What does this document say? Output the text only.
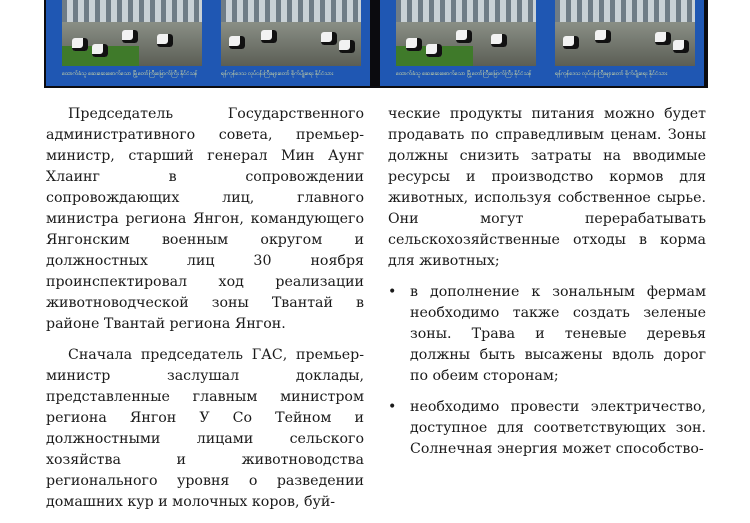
ထောက်ခံသူ ဆေးဆေးစောက်သော မြို့တော်ကြီးမြောက်ကြီး နိုင်ငံသန်	ရန်ကုန်ဒေသ လုပ်ငန်းကြီးများတော် စိုက်ပျိုးရေး နိုင်ငံသား	ထောက်ခံသူ ဆေးဆေးစောက်သော မြို့တော်ကြီးမြောက်ကြီး နိုင်ငံသန်	ရန်ကုန်ဒေသ လုပ်ငန်းကြီးများတော် စိုက်ပျိုးရေး နိုင်ငံသား

Председатель Государственного административного совета, премьер-министр, старший генерал Мин Аунг Хлаинг в сопровождении сопровождающих лиц, главного министра региона Янгон, командующего Янгонским военным округом и должностных лиц 30 ноября проинспектировал ход реализации животноводческой зоны Твантай в районе Твантай региона Янгон.

Сначала председатель ГАС, премьер-министр заслушал доклады, представленные главным министром региона Янгон У Со Тейном и должностными лицами сельского хозяйства и животноводства регионального уровня о разведении домашних кур и молочных коров, буй-

ческие продукты питания можно будет продавать по справедливым ценам. Зоны должны снизить затраты на вводимые ресурсы и производство кормов для животных, используя собственное сырье. Они могут перерабатывать сельскохозяйственные отходы в корма для животных;

• в дополнение к зональным фермам необходимо также создать зеленые зоны. Трава и теневые деревья должны быть высажены вдоль дорог по обеим сторонам;
• необходимо провести электричество, доступное для соответствующих зон. Солнечная энергия может способство-
